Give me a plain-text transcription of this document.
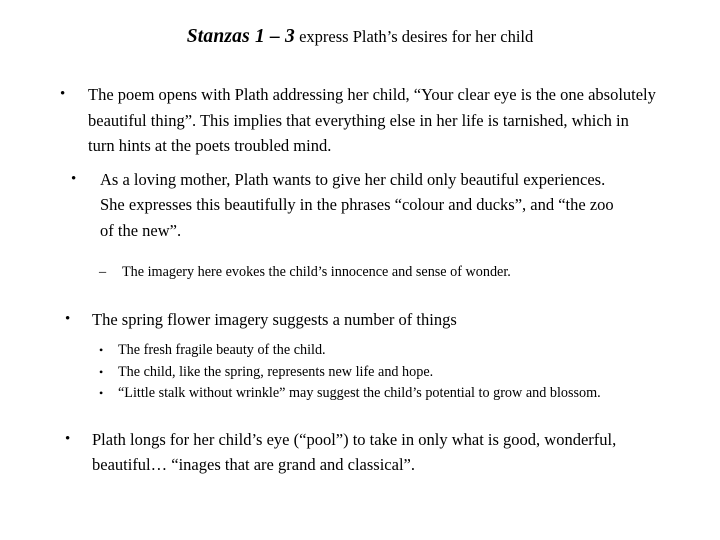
Stanzas 1 – 3 express Plath’s desires for her child
• The poem opens with Plath addressing her child, “Your clear eye is the one absolutely beautiful thing”. This implies that everything else in her life is tarnished, which in turn hints at the poets troubled mind.
• As a loving mother, Plath wants to give her child only beautiful experiences. She expresses this beautifully in the phrases “colour and ducks”, and “the zoo of the new”.
– The imagery here evokes the child’s innocence and sense of wonder.
• The spring flower imagery suggests a number of things
• The fresh fragile beauty of the child.
• The child, like the spring, represents new life and hope.
• “Little stalk without wrinkle” may suggest the child’s potential to grow and blossom.
• Plath longs for her child’s eye (“pool”) to take in only what is good, wonderful, beautiful… “inages that are grand and classical”.
